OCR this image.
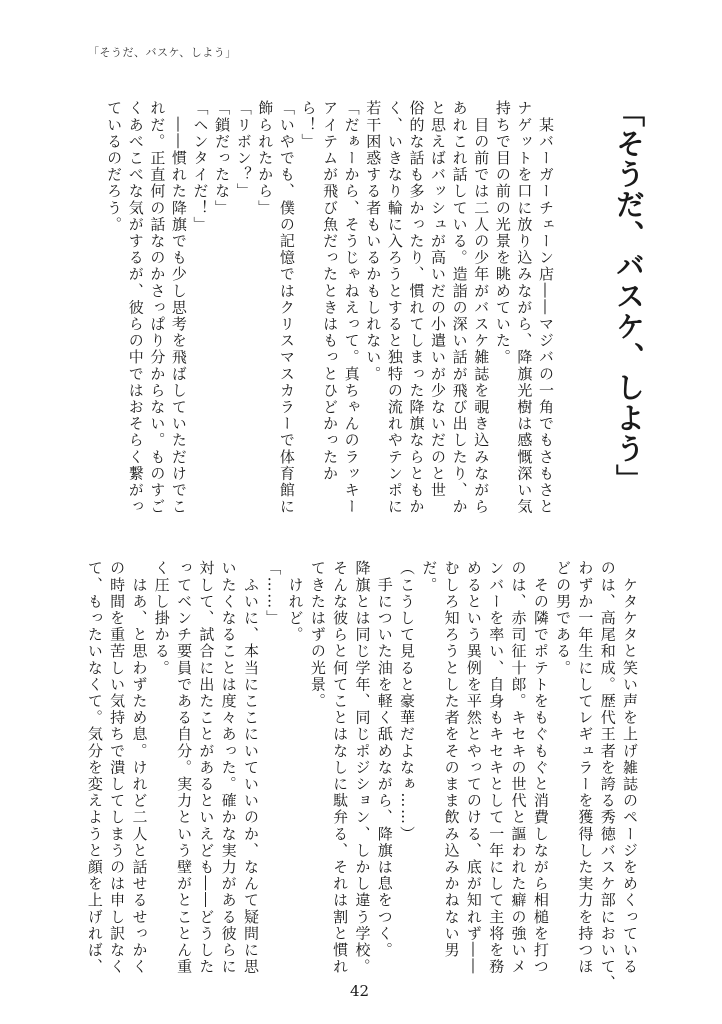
「そうだ、バスケ、しよう」
「そうだ、バスケ、しよう」
　某バーガーチェーン店――マジバの一角でもさもさと
ナゲットを口に放り込みながら、降旗光樹は感慨深い気
持ちで目の前の光景を眺めていた。
　目の前では二人の少年がバスケ雑誌を覗き込みながら
あれこれ話している。造詣の深い話が飛び出したり、か
と思えばバッシュが高いだの小遣いが少ないだのと世
俗的な話も多かったり、慣れてしまった降旗ならともか
く、いきなり輪に入ろうとすると独特の流れやテンポに
若干困惑する者もいるかもしれない。
「だぁーから、そうじゃねえって。真ちゃんのラッキー
アイテムが飛び魚だったときはもっとひどかったか
ら！」
「いやでも、僕の記憶ではクリスマスカラーで体育館に
飾られたから」
「リボン？」
「鎖だったな」
「ヘンタイだ！」
　――慣れた降旗でも少し思考を飛ばしていただけでこ
れだ。正直何の話なのかさっぱり分からない。ものすご
くあべこべな気がするが、彼らの中ではおそらく繋がっ
ているのだろう。
　ケタケタと笑い声を上げ雑誌のページをめくっている
のは、高尾和成。歴代王者を誇る秀徳バスケ部において、
わずか一年生にしてレギュラーを獲得した実力を持つほ
どの男である。
　その隣でポテトをもぐもぐと消費しながら相槌を打つ
のは、赤司征十郎。キセキの世代と謳われた癖の強いメ
ンバーを率い、自身もキセキとして一年にして主将を務
めるという異例を平然とやってのける、底が知れず――
むしろ知ろうとした者をそのまま飲み込みかねない男
だ。
（こうして見ると豪華だよなぁ……）
　手についた油を軽く舐めながら、降旗は息をつく。
降旗とは同じ学年、同じポジション、しかし違う学校。
そんな彼らと何てことはなしに駄弁る、それは割と慣れ
てきたはずの光景。
　けれど。
「……」
　ふいに、本当にここにいていいのか、なんて疑問に思
いたくなることは度々あった。確かな実力がある彼らに
対して、試合に出たことがあるといえども――どうした
ってベンチ要員である自分。実力という壁がとことん重
く圧し掛かる。
　はあ、と思わずため息。けれど二人と話せるせっかく
の時間を重苦しい気持ちで潰してしまうのは申し訳なく
て、もったいなくて。気分を変えようと顔を上げれば、
42
